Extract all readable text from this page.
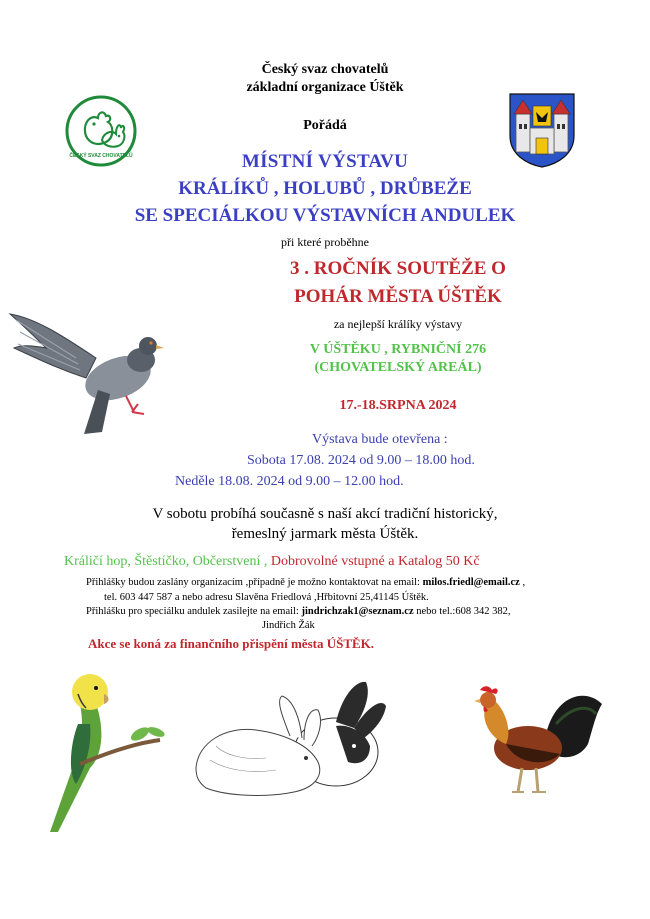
Český svaz chovatelů
základní organizace Úštěk
Pořádá
ČESKÝ SVAZ CHOVATELŮ	MÍSTNÍ VÝSTAVU
KRÁLÍKŮ , HOLUBŮ , DRŮBEŽE
SE SPECIÁLKOU VÝSTAVNÍCH ANDULEK
při které proběhne
3 . ROČNÍK SOUTĚŽE O
POHÁR MĚSTA ÚŠTĚK
za nejlepší králíky výstavy
V ÚŠTĚKU , RYBNIČNÍ 276
(CHOVATELSKÝ AREÁL)
17.-18.SRPNA 2024
Výstava bude otevřena :
Sobota 17.08. 2024 od 9.00 – 18.00 hod.
Neděle 18.08. 2024 od 9.00 – 12.00 hod.
V sobotu probíhá současně s naší akcí tradiční historický,
řemeslný jarmark města Úštěk.
Králičí hop, Štěstíčko, Občerstvení , Dobrovolné vstupné a Katalog 50 Kč
Přihlášky budou zaslány organizacím ,případně je možno kontaktovat na email: milos.friedl@email.cz ,
tel. 603 447 587 a nebo adresu Slavěna Friedlová ,Hřbitovní 25,41145 Úštěk.
Přihlášku pro speciálku andulek zasilejte na email: jindrichzak1@seznam.cz nebo tel.:608 342 382,
Jindřich Žák
Akce se koná za finančního přispění města ÚŠTĚK.
